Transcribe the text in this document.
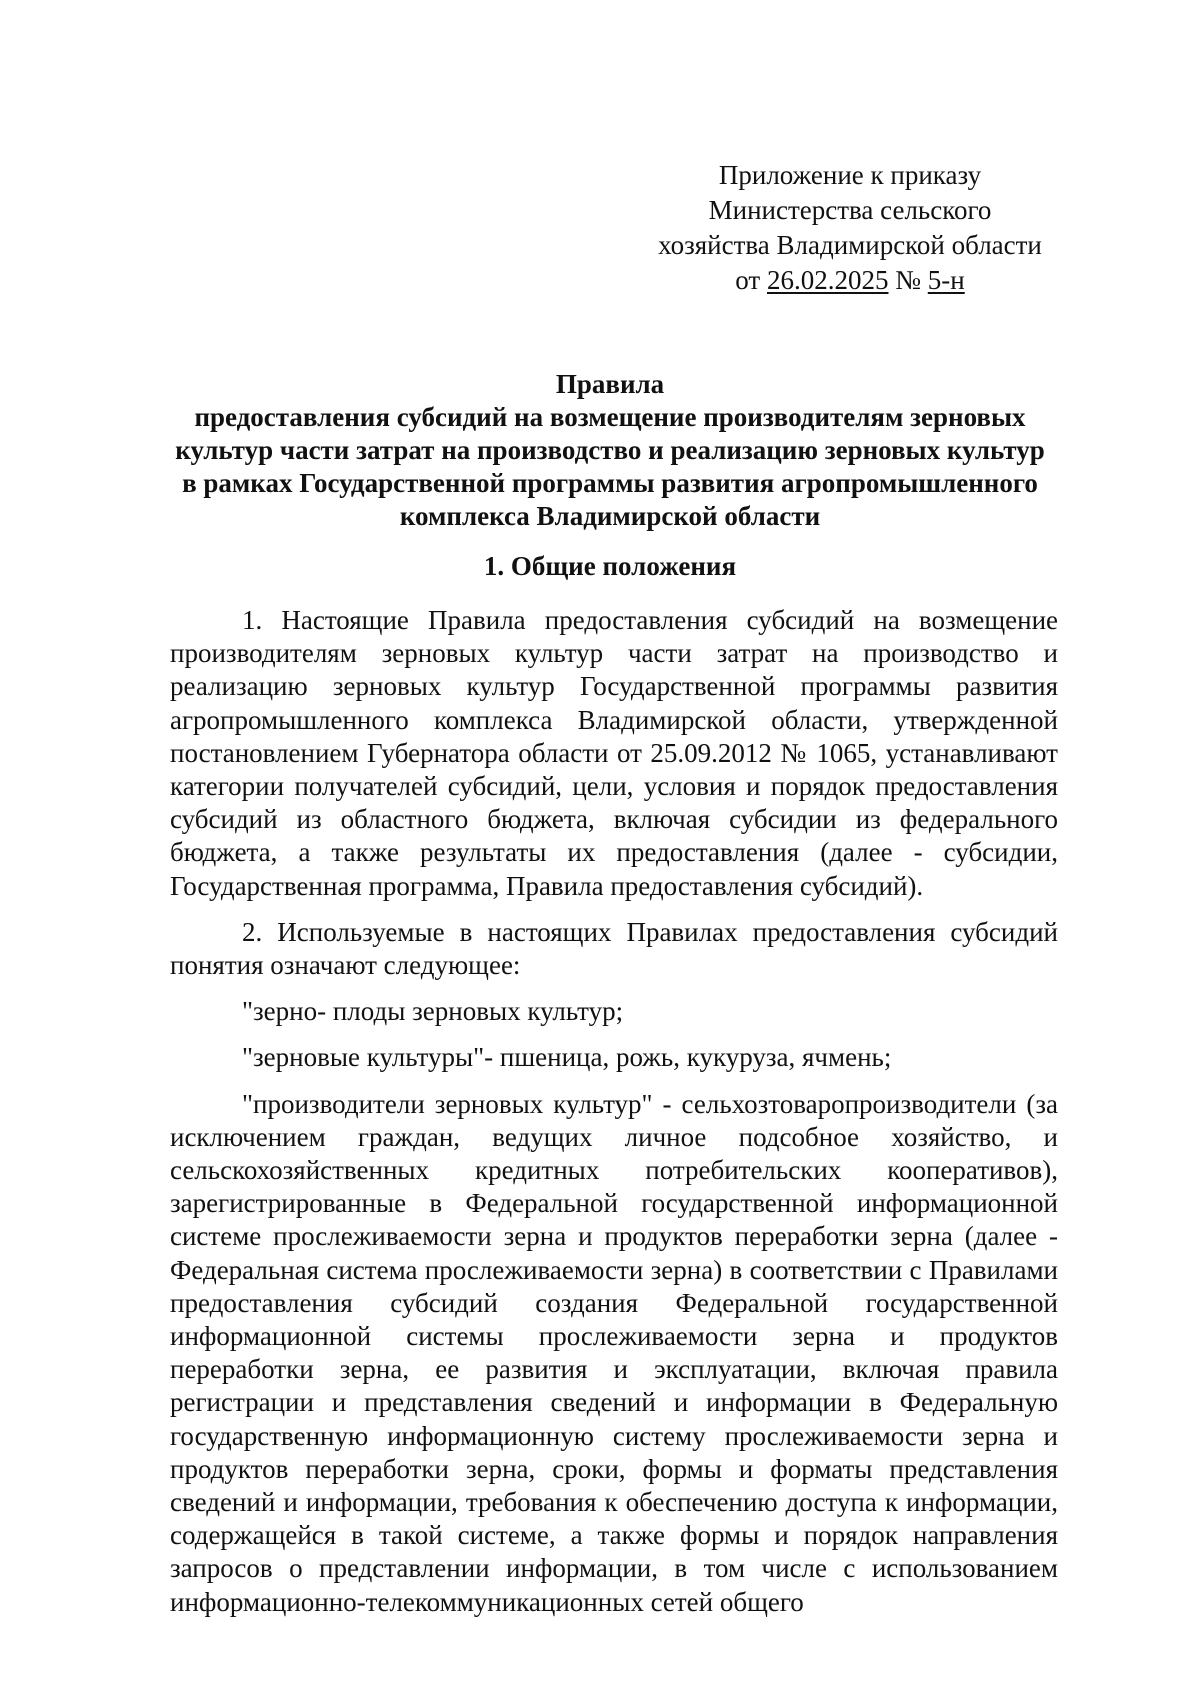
Приложение к приказу
Министерства сельского
хозяйства Владимирской области
от 26.02.2025 № 5-н
Правила
предоставления субсидий на возмещение производителям зерновых
культур части затрат на производство и реализацию зерновых культур
в рамках Государственной программы развития агропромышленного
комплекса Владимирской области
1. Общие положения

1. Настоящие Правила предоставления субсидий на возмещение производителям зерновых культур части затрат на производство и реализацию зерновых культур Государственной программы развития агропромышленного комплекса Владимирской области, утвержденной постановлением Губернатора области от 25.09.2012 № 1065, устанавливают категории получателей субсидий, цели, условия и порядок предоставления субсидий из областного бюджета, включая субсидии из федерального бюджета, а также результаты их предоставления (далее - субсидии, Государственная программа, Правила предоставления субсидий).

2. Используемые в настоящих Правилах предоставления субсидий понятия означают следующее:

"зерно- плоды зерновых культур;

"зерновые культуры"- пшеница, рожь, кукуруза, ячмень;

"производители зерновых культур" - сельхозтоваропроизводители (за исключением граждан, ведущих личное подсобное хозяйство, и сельскохозяйственных кредитных потребительских кооперативов), зарегистрированные в Федеральной государственной информационной системе прослеживаемости зерна и продуктов переработки зерна (далее - Федеральная система прослеживаемости зерна) в соответствии с Правилами предоставления субсидий создания Федеральной государственной информационной системы прослеживаемости зерна и продуктов переработки зерна, ее развития и эксплуатации, включая правила регистрации и представления сведений и информации в Федеральную государственную информационную систему прослеживаемости зерна и продуктов переработки зерна, сроки, формы и форматы представления сведений и информации, требования к обеспечению доступа к информации, содержащейся в такой системе, а также формы и порядок направления запросов о представлении информации, в том числе с использованием информационно-телекоммуникационных сетей общего
